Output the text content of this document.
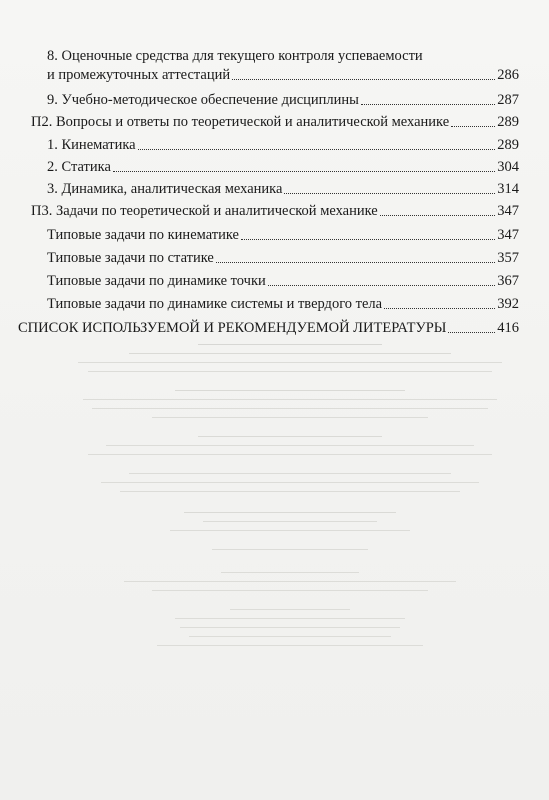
8. Оценочные средства для текущего контроля успеваемости
и промежуточных аттестаций	286
9. Учебно-методическое обеспечение дисциплины	287
П2. Вопросы и ответы по теоретической и аналитической механике	289
1. Кинематика	289
2. Статика	304
3. Динамика, аналитическая механика	314
П3. Задачи по теоретической и аналитической механике	347
Типовые задачи по кинематике	347
Типовые задачи по статике	357
Типовые задачи по динамике точки	367
Типовые задачи по динамике системы и твердого тела	392
СПИСОК ИСПОЛЬЗУЕМОЙ И РЕКОМЕНДУЕМОЙ ЛИТЕРАТУРЫ	416
